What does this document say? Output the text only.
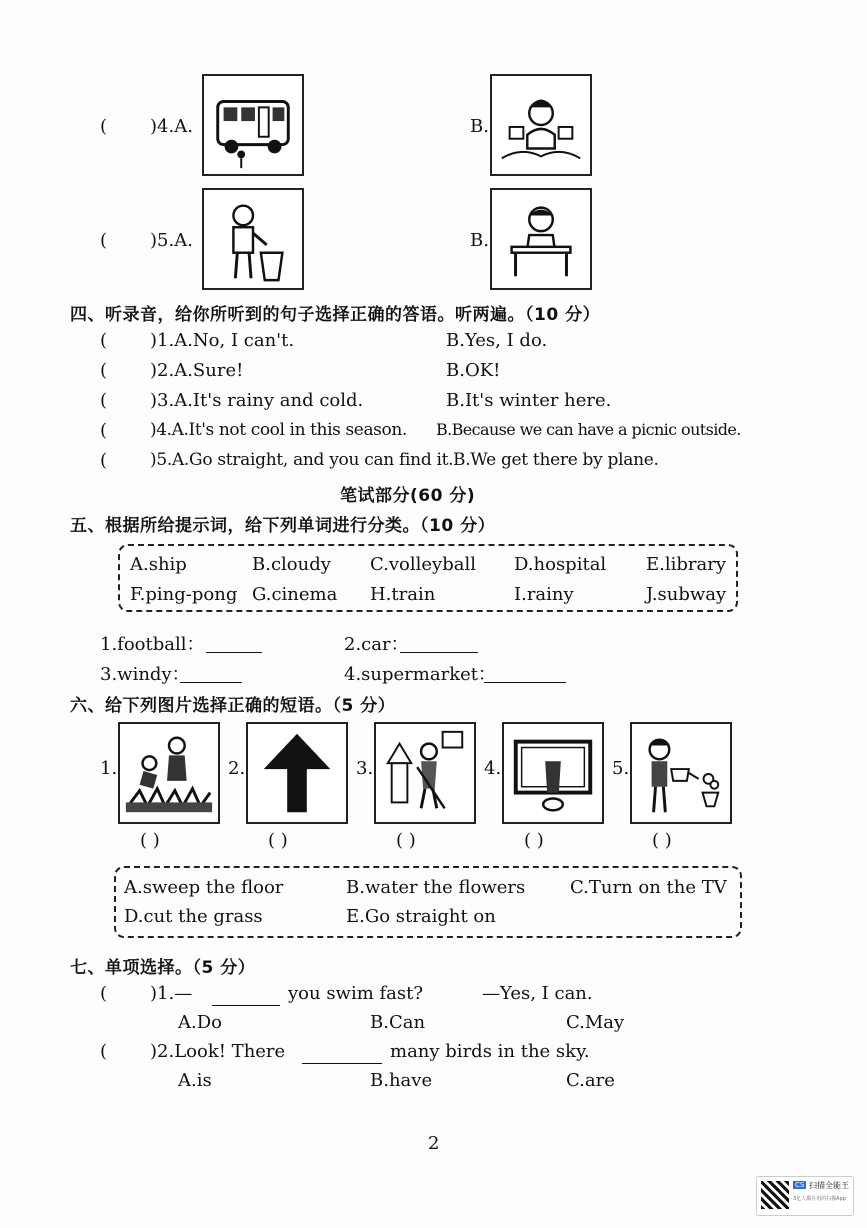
( )4.A.	B.
( )5.A.	B.
四、听录音，给你所听到的句子选择正确的答语。听两遍。（10 分）
( )1.A.No, I can't.	B.Yes, I do.
( )2.A.Sure!	B.OK!
( )3.A.It's rainy and cold.	B.It's winter here.
(	)4.A.It's not cool in this season. B.Because we can have a picnic outside.
(	)5.A.Go straight, and you can find it. B.We get there by plane.
笔试部分(60 分)
五、根据所给提示词，给下列单词进行分类。（10 分）
A.ship	B.cloudy C.volleyball D.hospital E.library
F.ping-pong G.cinema H.train	I.rainy	J.subway
1.football：	2.car：
3.windy：	4.supermarket：
六、给下列图片选择正确的短语。（5 分）
1.	2.	3.	4.	5.
( )	( )	( )	( )	( )
A.sweep the floor	B.water the flowers C.Turn on the TV
D.cut the grass	E.Go straight on
七、单项选择。（5 分）
( )1.—	you swim fast?	—Yes, I can.
A.Do	B.Can	C.May
( )2.Look! There	many birds in the sky.
A.is	B.have	C.are
2
CS 扫描全能王
3亿人都在用的扫描App
